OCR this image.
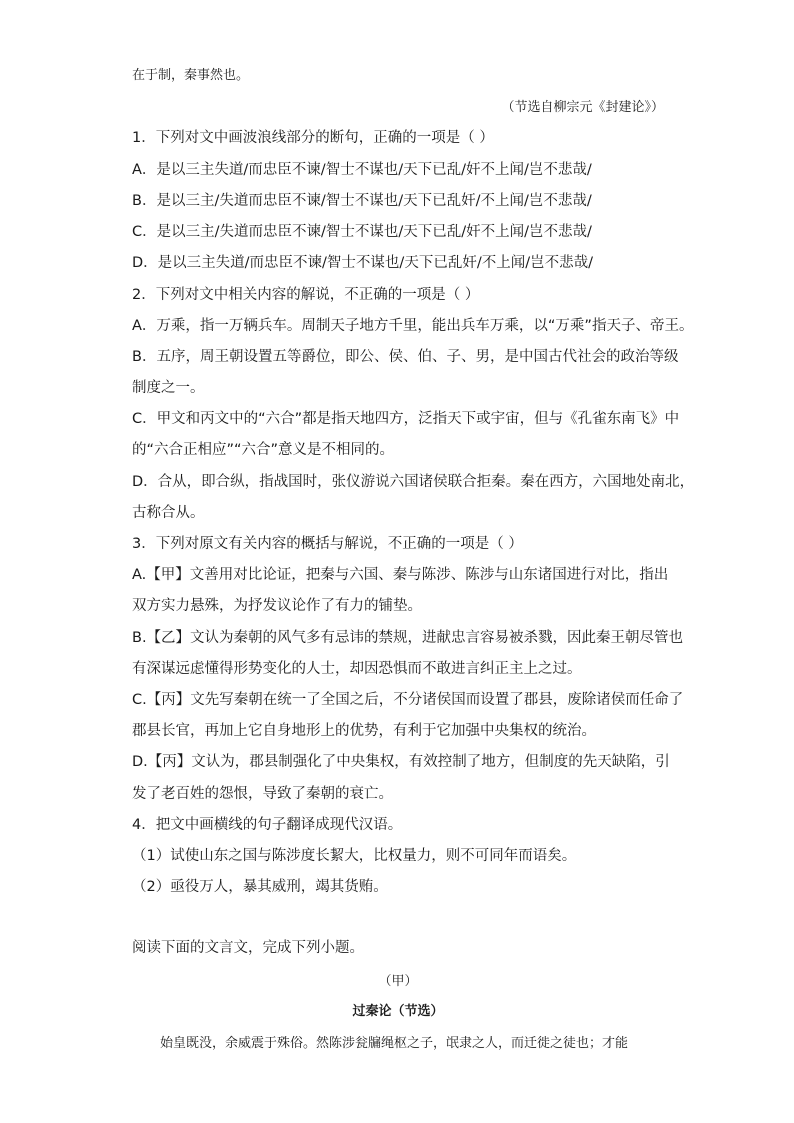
在于制，秦事然也。
（节选自柳宗元《封建论》）
1．下列对文中画波浪线部分的断句，正确的一项是（ ）
A．是以三主失道/而忠臣不谏/智士不谋也/天下已乱/奸不上闻/岂不悲哉/
B．是以三主/失道而忠臣不谏/智士不谋也/天下已乱奸/不上闻/岂不悲哉/
C．是以三主/失道而忠臣不谏/智士不谋也/天下已乱/奸不上闻/岂不悲哉/
D．是以三主失道/而忠臣不谏/智士不谋也/天下已乱奸/不上闻/岂不悲哉/
2．下列对文中相关内容的解说，不正确的一项是（ ）
A．万乘，指一万辆兵车。周制天子地方千里，能出兵车万乘，以“万乘”指天子、帝王。
B．五序，周王朝设置五等爵位，即公、侯、伯、子、男，是中国古代社会的政治等级
制度之一。
C．甲文和丙文中的“六合”都是指天地四方，泛指天下或宇宙，但与《孔雀东南飞》中
的“六合正相应”“六合”意义是不相同的。
D．合从，即合纵，指战国时，张仪游说六国诸侯联合拒秦。秦在西方，六国地处南北，
古称合从。
3．下列对原文有关内容的概括与解说，不正确的一项是（ ）
A.【甲】文善用对比论证，把秦与六国、秦与陈涉、陈涉与山东诸国进行对比，指出
双方实力悬殊，为抒发议论作了有力的铺垫。
B.【乙】文认为秦朝的风气多有忌讳的禁规，进献忠言容易被杀戮，因此秦王朝尽管也
有深谋远虑懂得形势变化的人士，却因恐惧而不敢进言纠正主上之过。
C.【丙】文先写秦朝在统一了全国之后，不分诸侯国而设置了郡县，废除诸侯而任命了
郡县长官，再加上它自身地形上的优势，有利于它加强中央集权的统治。
D.【丙】文认为，郡县制强化了中央集权，有效控制了地方，但制度的先天缺陷，引
发了老百姓的怨恨，导致了秦朝的衰亡。
4．把文中画横线的句子翻译成现代汉语。
（1）试使山东之国与陈涉度长絜大，比权量力，则不可同年而语矣。
（2）亟役万人，暴其威刑，竭其货贿。
阅读下面的文言文，完成下列小题。
（甲）
过秦论（节选）
始皇既没，余威震于殊俗。然陈涉瓮牖绳枢之子，氓隶之人，而迁徙之徒也；才能
